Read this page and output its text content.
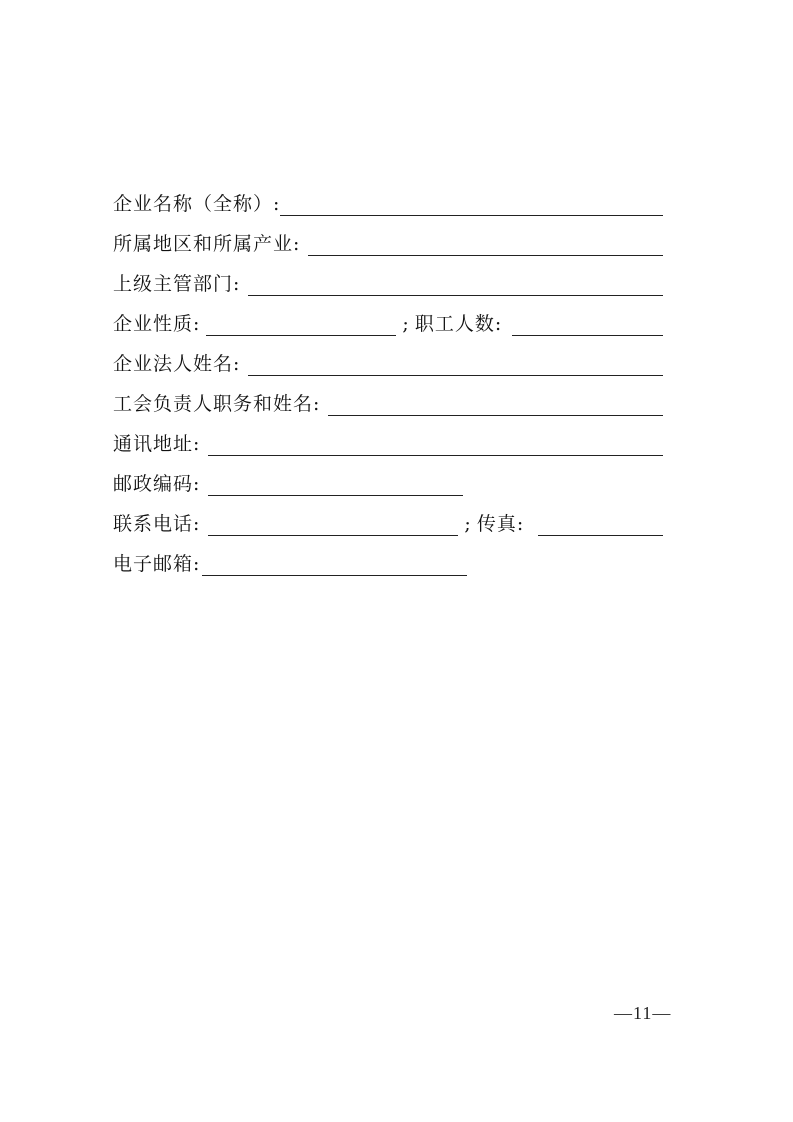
企业名称（全称）:
所属地区和所属产业:
上级主管部门:
企业性质:	; 职工人数:
企业法人姓名:
工会负责人职务和姓名:
通讯地址:
邮政编码:
联系电话:	; 传真:
电子邮箱:
—11—
